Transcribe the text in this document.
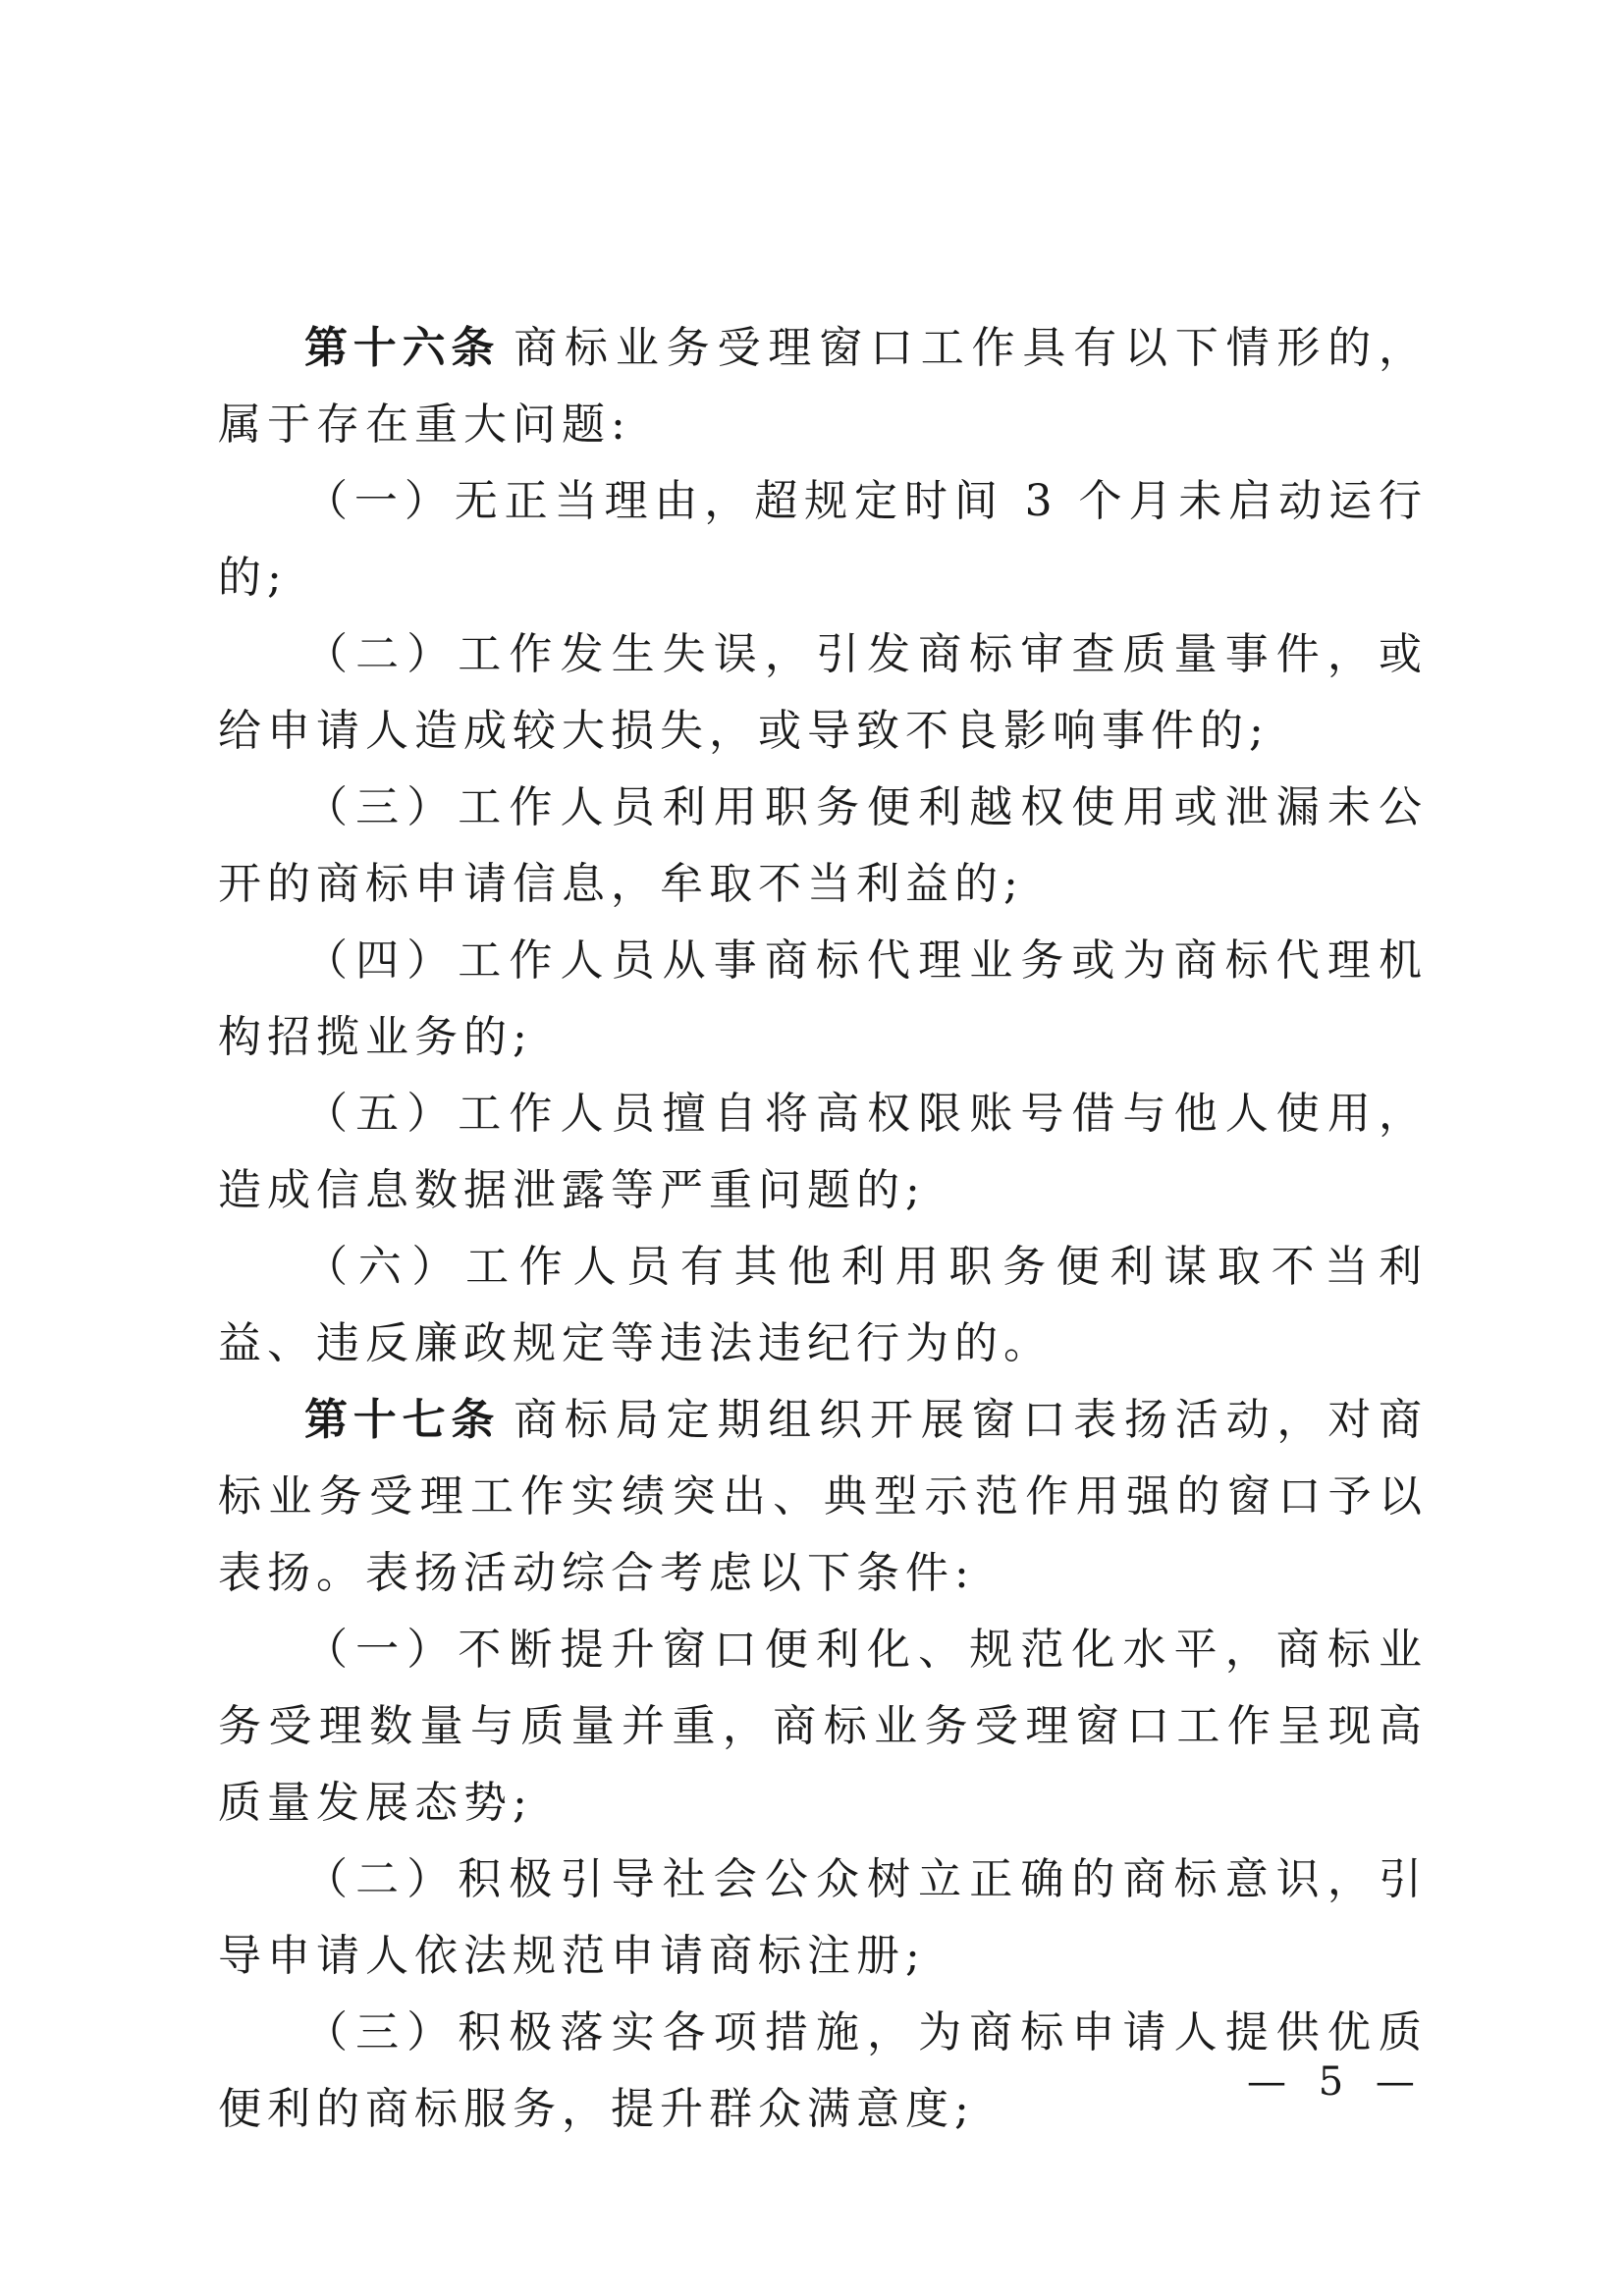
第十六条 商标业务受理窗口工作具有以下情形的，属于存在重大问题:

（一）无正当理由，超规定时间 3 个月未启动运行的;

（二）工作发生失误，引发商标审查质量事件，或给申请人造成较大损失，或导致不良影响事件的;

（三）工作人员利用职务便利越权使用或泄漏未公开的商标申请信息，牟取不当利益的;

（四）工作人员从事商标代理业务或为商标代理机构招揽业务的;

（五）工作人员擅自将高权限账号借与他人使用，造成信息数据泄露等严重问题的;

（六）工作人员有其他利用职务便利谋取不当利益、违反廉政规定等违法违纪行为的。

第十七条 商标局定期组织开展窗口表扬活动，对商标业务受理工作实绩突出、典型示范作用强的窗口予以表扬。表扬活动综合考虑以下条件:

（一）不断提升窗口便利化、规范化水平，商标业务受理数量与质量并重，商标业务受理窗口工作呈现高质量发展态势;

（二）积极引导社会公众树立正确的商标意识，引导申请人依法规范申请商标注册;

（三）积极落实各项措施，为商标申请人提供优质便利的商标服务，提升群众满意度;

— 5 —
